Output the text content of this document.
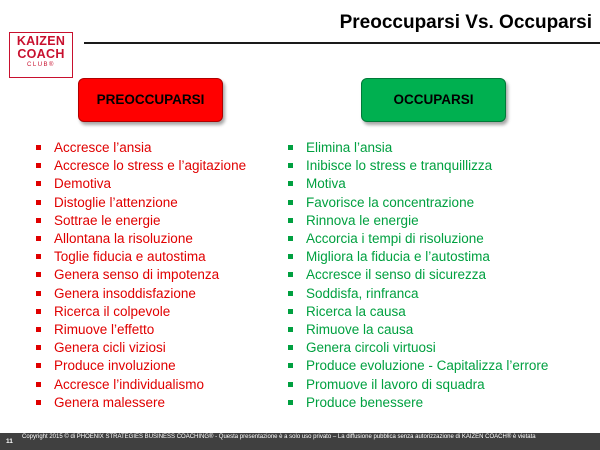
Preoccuparsi Vs. Occuparsi
KAIZEN
COACH
CLUB®
PREOCCUPARSI	OCCUPARSI
Accresce l’ansia
Accresce lo stress e l’agitazione
Demotiva
Distoglie l’attenzione
Sottrae le energie
Allontana la risoluzione
Toglie fiducia e autostima
Genera senso di impotenza
Genera insoddisfazione
Ricerca il colpevole
Rimuove l’effetto
Genera cicli viziosi
Produce involuzione
Accresce l’individualismo
Genera malessere
Elimina l’ansia
Inibisce lo stress e tranquillizza
Motiva
Favorisce la concentrazione
Rinnova le energie
Accorcia i tempi di risoluzione
Migliora la fiducia e l’autostima
Accresce il senso di sicurezza
Soddisfa, rinfranca
Ricerca la causa
Rimuove la causa
Genera circoli virtuosi
Produce evoluzione - Capitalizza l’errore
Promuove il lavoro di squadra
Produce benessere
11
Copyright 2015 © di PHOENIX STRATEGIES BUSINESS COACHING® - Questa presentazione è a solo uso privato – La diffusione pubblica senza autorizzazione di KAIZEN COACH® è vietata
